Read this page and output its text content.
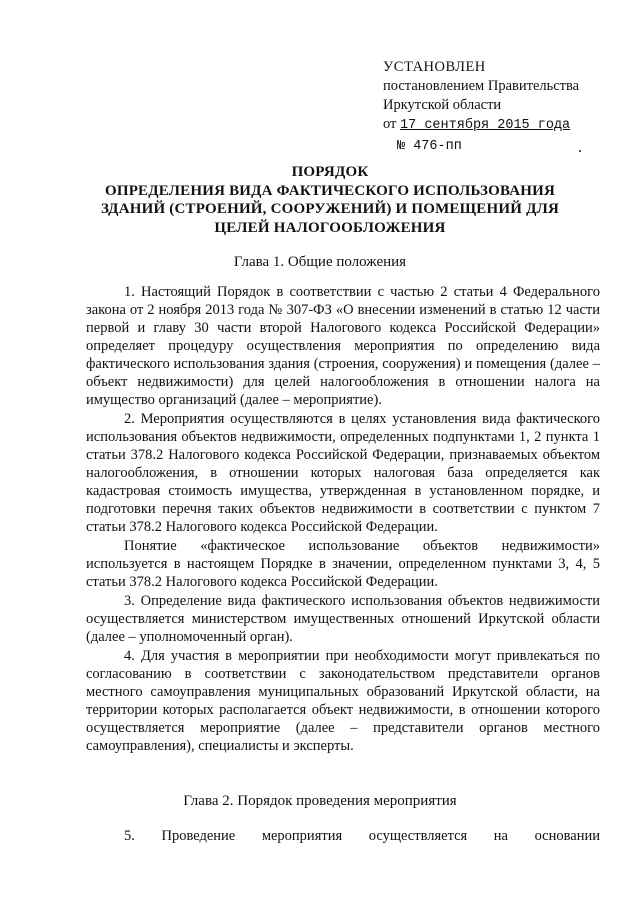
УСТАНОВЛЕН
постановлением Правительства
Иркутской области
от 17 сентября 2015 года
№ 476-пп
ПОРЯДОК
ОПРЕДЕЛЕНИЯ ВИДА ФАКТИЧЕСКОГО ИСПОЛЬЗОВАНИЯ
ЗДАНИЙ (СТРОЕНИЙ, СООРУЖЕНИЙ) И ПОМЕЩЕНИЙ ДЛЯ
ЦЕЛЕЙ НАЛОГООБЛОЖЕНИЯ
Глава 1. Общие положения

1. Настоящий Порядок в соответствии с частью 2 статьи 4 Федерального закона от 2 ноября 2013 года № 307-ФЗ «О внесении изменений в статью 12 части первой и главу 30 части второй Налогового кодекса Российской Федерации» определяет процедуру осуществления мероприятия по определению вида фактического использования здания (строения, сооружения) и помещения (далее – объект недвижимости) для целей налогообложения в отношении налога на имущество организаций (далее – мероприятие).

2. Мероприятия осуществляются в целях установления вида фактического использования объектов недвижимости, определенных подпунктами 1, 2 пункта 1 статьи 378.2 Налогового кодекса Российской Федерации, признаваемых объектом налогообложения, в отношении которых налоговая база определяется как кадастровая стоимость имущества, утвержденная в установленном порядке, и подготовки перечня таких объектов недвижимости в соответствии с пунктом 7 статьи 378.2 Налогового кодекса Российской Федерации.

Понятие «фактическое использование объектов недвижимости» используется в настоящем Порядке в значении, определенном пунктами 3, 4, 5 статьи 378.2 Налогового кодекса Российской Федерации.

3. Определение вида фактического использования объектов недвижимости осуществляется министерством имущественных отношений Иркутской области (далее – уполномоченный орган).

4. Для участия в мероприятии при необходимости могут привлекаться по согласованию в соответствии с законодательством представители органов местного самоуправления муниципальных образований Иркутской области, на территории которых располагается объект недвижимости, в отношении которого осуществляется мероприятие (далее – представители органов местного самоуправления), специалисты и эксперты.

Глава 2. Порядок проведения мероприятия
5. Проведение мероприятия осуществляется на основании
